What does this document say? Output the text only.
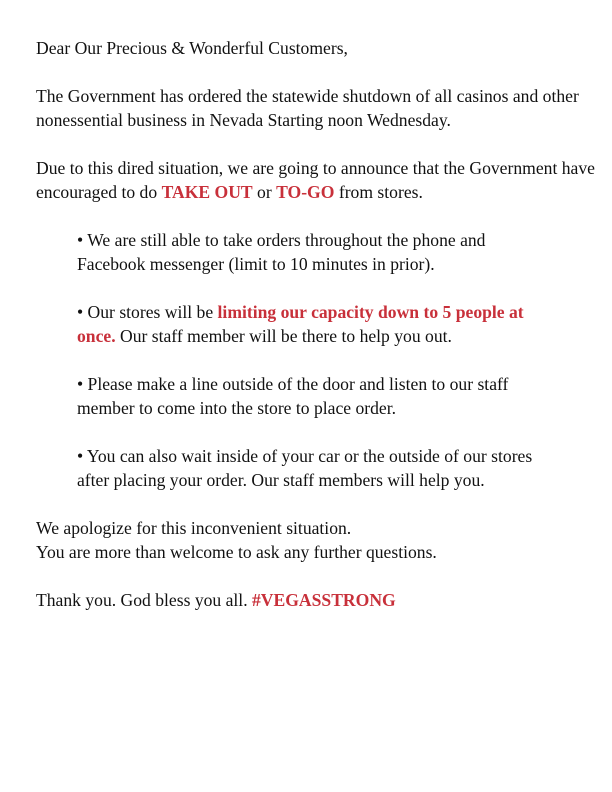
Dear Our Precious & Wonderful Customers,

The Government has ordered the statewide shutdown of all casinos and other nonessential business in Nevada Starting noon Wednesday.

Due to this dired situation, we are going to announce that the Government have encouraged to do TAKE OUT or TO-GO from stores.

• We are still able to take orders throughout the phone and Facebook messenger (limit to 10 minutes in prior).

• Our stores will be limiting our capacity down to 5 people at once. Our staff member will be there to help you out.

• Please make a line outside of the door and listen to our staff member to come into the store to place order.

• You can also wait inside of your car or the outside of our stores after placing your order. Our staff members will help you.

We apologize for this inconvenient situation.
You are more than welcome to ask any further questions.

Thank you. God bless you all. #VEGASSTRONG
